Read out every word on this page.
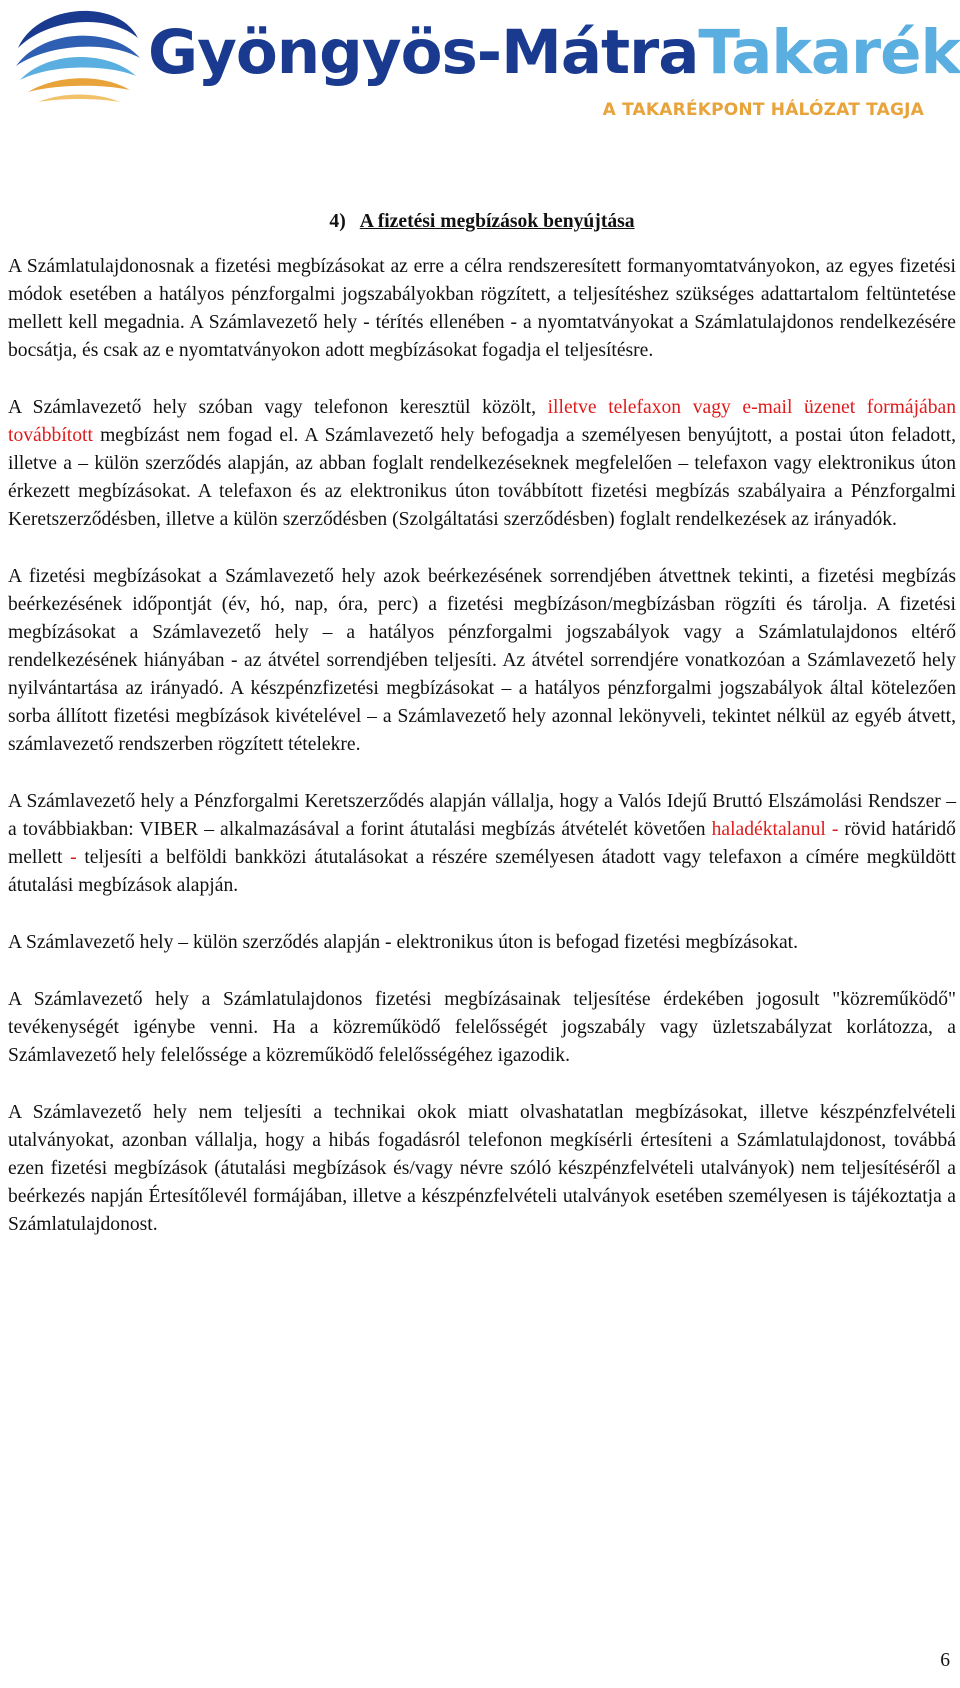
Gyöngyös-MátraTakarék
A TAKARÉKPONT HÁLÓZAT TAGJA
4) A fizetési megbízások benyújtása

A Számlatulajdonosnak a fizetési megbízásokat az erre a célra rendszeresített formanyomtatványokon, az egyes fizetési módok esetében a hatályos pénzforgalmi jogszabályokban rögzített, a teljesítéshez szükséges adattartalom feltüntetése mellett kell megadnia. A Számlavezető hely - térítés ellenében - a nyomtatványokat a Számlatulajdonos rendelkezésére bocsátja, és csak az e nyomtatványokon adott megbízásokat fogadja el teljesítésre.

A Számlavezető hely szóban vagy telefonon keresztül közölt, illetve telefaxon vagy e-mail üzenet formájában továbbított megbízást nem fogad el. A Számlavezető hely befogadja a személyesen benyújtott, a postai úton feladott, illetve a – külön szerződés alapján, az abban foglalt rendelkezéseknek megfelelően – telefaxon vagy elektronikus úton érkezett megbízásokat. A telefaxon és az elektronikus úton továbbított fizetési megbízás szabályaira a Pénzforgalmi Keretszerződésben, illetve a külön szerződésben (Szolgáltatási szerződésben) foglalt rendelkezések az irányadók.

A fizetési megbízásokat a Számlavezető hely azok beérkezésének sorrendjében átvettnek tekinti, a fizetési megbízás beérkezésének időpontját (év, hó, nap, óra, perc) a fizetési megbízáson/megbízásban rögzíti és tárolja. A fizetési megbízásokat a Számlavezető hely – a hatályos pénzforgalmi jogszabályok vagy a Számlatulajdonos eltérő rendelkezésének hiányában - az átvétel sorrendjében teljesíti. Az átvétel sorrendjére vonatkozóan a Számlavezető hely nyilvántartása az irányadó. A készpénzfizetési megbízásokat – a hatályos pénzforgalmi jogszabályok által kötelezően sorba állított fizetési megbízások kivételével – a Számlavezető hely azonnal lekönyveli, tekintet nélkül az egyéb átvett, számlavezető rendszerben rögzített tételekre.

A Számlavezető hely a Pénzforgalmi Keretszerződés alapján vállalja, hogy a Valós Idejű Bruttó Elszámolási Rendszer – a továbbiakban: VIBER – alkalmazásával a forint átutalási megbízás átvételét követően haladéktalanul - rövid határidő mellett - teljesíti a belföldi bankközi átutalásokat a részére személyesen átadott vagy telefaxon a címére megküldött átutalási megbízások alapján.

A Számlavezető hely – külön szerződés alapján - elektronikus úton is befogad fizetési megbízásokat.

A Számlavezető hely a Számlatulajdonos fizetési megbízásainak teljesítése érdekében jogosult "közreműködő" tevékenységét igénybe venni. Ha a közreműködő felelősségét jogszabály vagy üzletszabályzat korlátozza, a Számlavezető hely felelőssége a közreműködő felelősségéhez igazodik.

A Számlavezető hely nem teljesíti a technikai okok miatt olvashatatlan megbízásokat, illetve készpénzfelvételi utalványokat, azonban vállalja, hogy a hibás fogadásról telefonon megkísérli értesíteni a Számlatulajdonost, továbbá ezen fizetési megbízások (átutalási megbízások és/vagy névre szóló készpénzfelvételi utalványok) nem teljesítéséről a beérkezés napján Értesítőlevél formájában, illetve a készpénzfelvételi utalványok esetében személyesen is tájékoztatja a Számlatulajdonost.

6
